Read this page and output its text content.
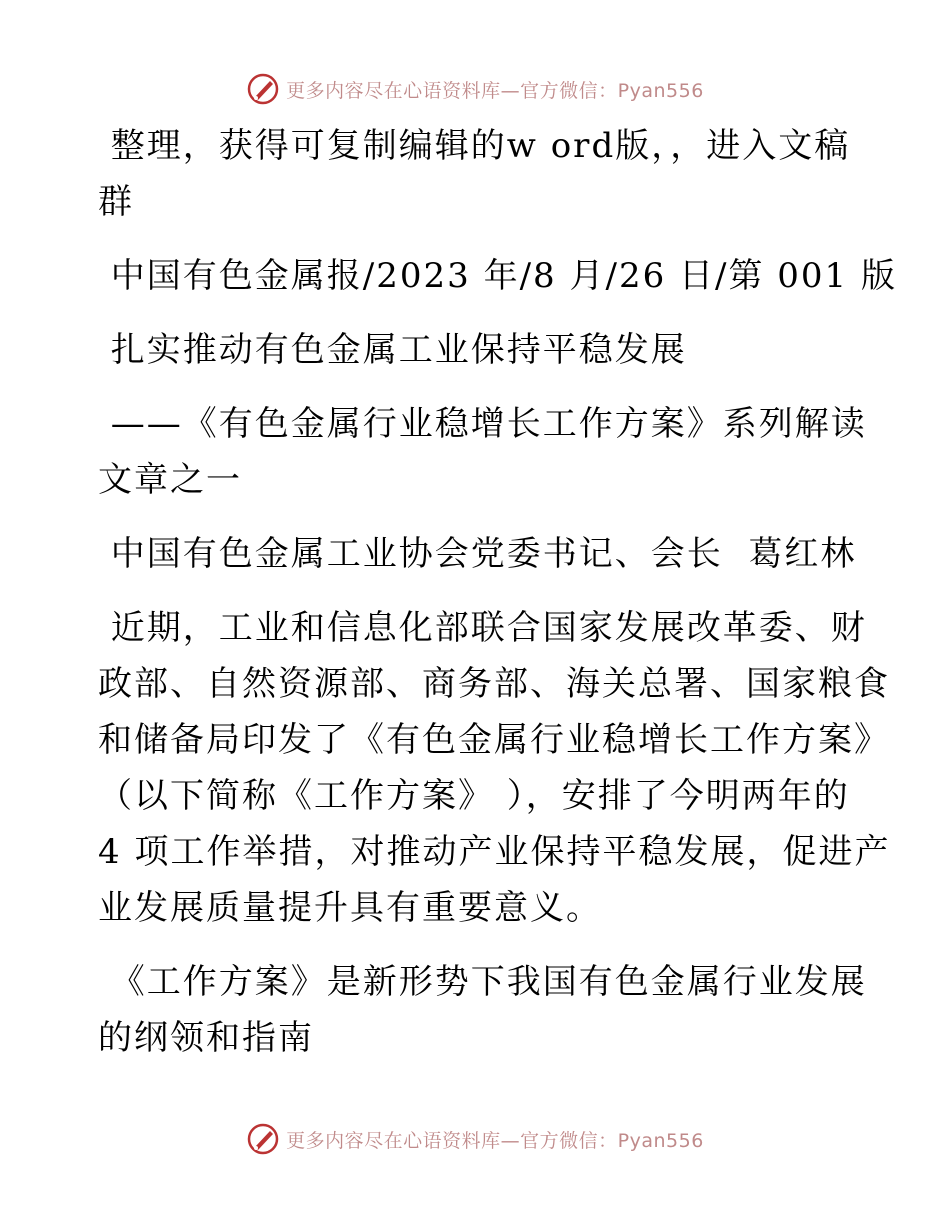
更多内容尽在心语资料库—官方微信：Pyan556
整理，获得可复制编辑的w ord版，，进入文稿
群
中国有色金属报/2023 年/8 月/26 日/第 001 版
扎实推动有色金属工业保持平稳发展
——《有色金属行业稳增长工作方案》系列解读
文章之一
中国有色金属工业协会党委书记、会长  葛红林
近期，工业和信息化部联合国家发展改革委、财
政部、自然资源部、商务部、海关总署、国家粮食
和储备局印发了《有色金属行业稳增长工作方案》
（以下简称《工作方案》 ），安排了今明两年的
4 项工作举措，对推动产业保持平稳发展，促进产
业发展质量提升具有重要意义。
《工作方案》是新形势下我国有色金属行业发展
的纲领和指南
更多内容尽在心语资料库—官方微信：Pyan556
